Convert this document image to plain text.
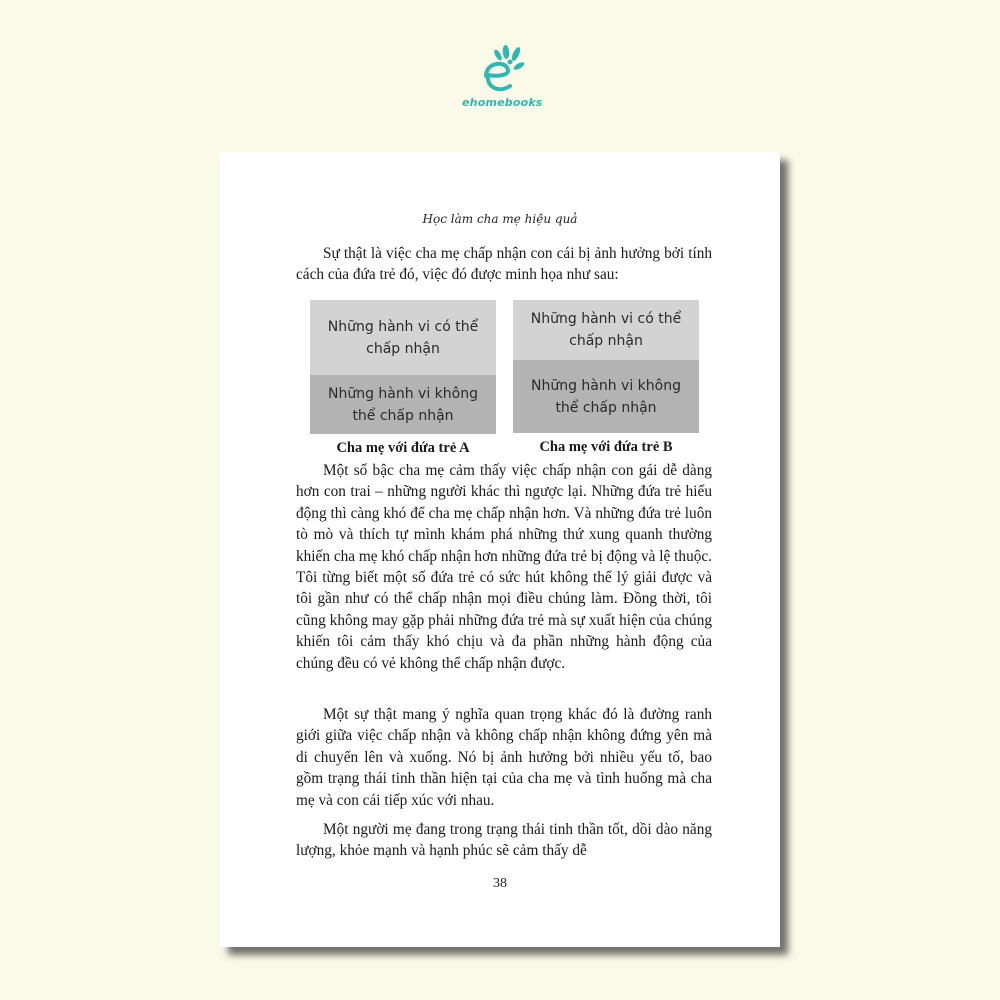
ehomebooks
Học làm cha mẹ hiệu quả

Sự thật là việc cha mẹ chấp nhận con cái bị ảnh hưởng bởi tính cách của đứa trẻ đó, việc đó được minh họa như sau:

Những hành vi có thể chấp nhận
Những hành vi không thể chấp nhận
Cha mẹ với đứa trẻ A
Những hành vi có thể chấp nhận
Những hành vi không thể chấp nhận
Cha mẹ với đứa trẻ B

Một số bậc cha mẹ cảm thấy việc chấp nhận con gái dễ dàng hơn con trai – những người khác thì ngược lại. Những đứa trẻ hiếu động thì càng khó để cha mẹ chấp nhận hơn. Và những đứa trẻ luôn tò mò và thích tự mình khám phá những thứ xung quanh thường khiến cha mẹ khó chấp nhận hơn những đứa trẻ bị động và lệ thuộc. Tôi từng biết một số đứa trẻ có sức hút không thể lý giải được và tôi gần như có thể chấp nhận mọi điều chúng làm. Đồng thời, tôi cũng không may gặp phải những đứa trẻ mà sự xuất hiện của chúng khiến tôi cảm thấy khó chịu và đa phần những hành động của chúng đều có vẻ không thể chấp nhận được.

Một sự thật mang ý nghĩa quan trọng khác đó là đường ranh giới giữa việc chấp nhận và không chấp nhận không đứng yên mà di chuyển lên và xuống. Nó bị ảnh hưởng bởi nhiều yếu tố, bao gồm trạng thái tinh thần hiện tại của cha mẹ và tình huống mà cha mẹ và con cái tiếp xúc với nhau.

Một người mẹ đang trong trạng thái tinh thần tốt, dồi dào năng lượng, khỏe mạnh và hạnh phúc sẽ cảm thấy dễ

38
